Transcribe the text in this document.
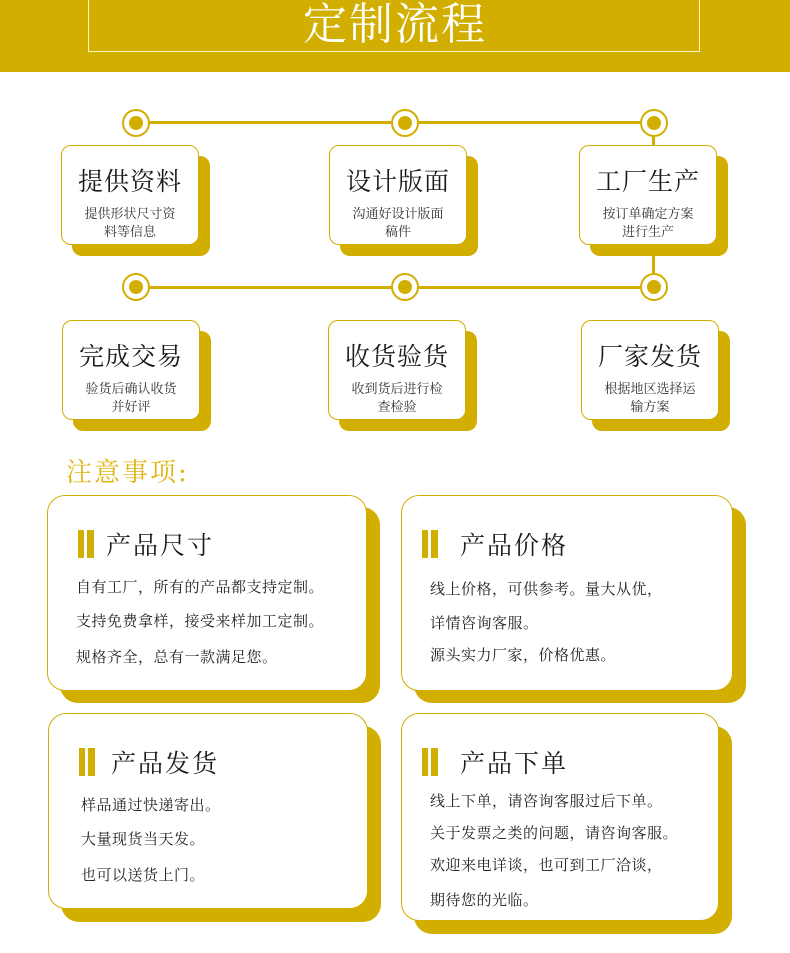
定制流程
提供资料
提供形状尺寸资料等信息
设计版面
沟通好设计版面稿件
工厂生产
按订单确定方案进行生产
完成交易
验货后确认收货并好评
收货验货
收到货后进行检查检验
厂家发货
根据地区选择运输方案
注意事项:
产品尺寸
自有工厂，所有的产品都支持定制。
支持免费拿样，接受来样加工定制。
规格齐全，总有一款满足您。
产品价格
线上价格，可供参考。量大从优，
详情咨询客服。
源头实力厂家，价格优惠。
产品发货
样品通过快递寄出。
大量现货当天发。
也可以送货上门。
产品下单
线上下单，请咨询客服过后下单。
关于发票之类的问题，请咨询客服。
欢迎来电详谈，也可到工厂洽谈，
期待您的光临。
